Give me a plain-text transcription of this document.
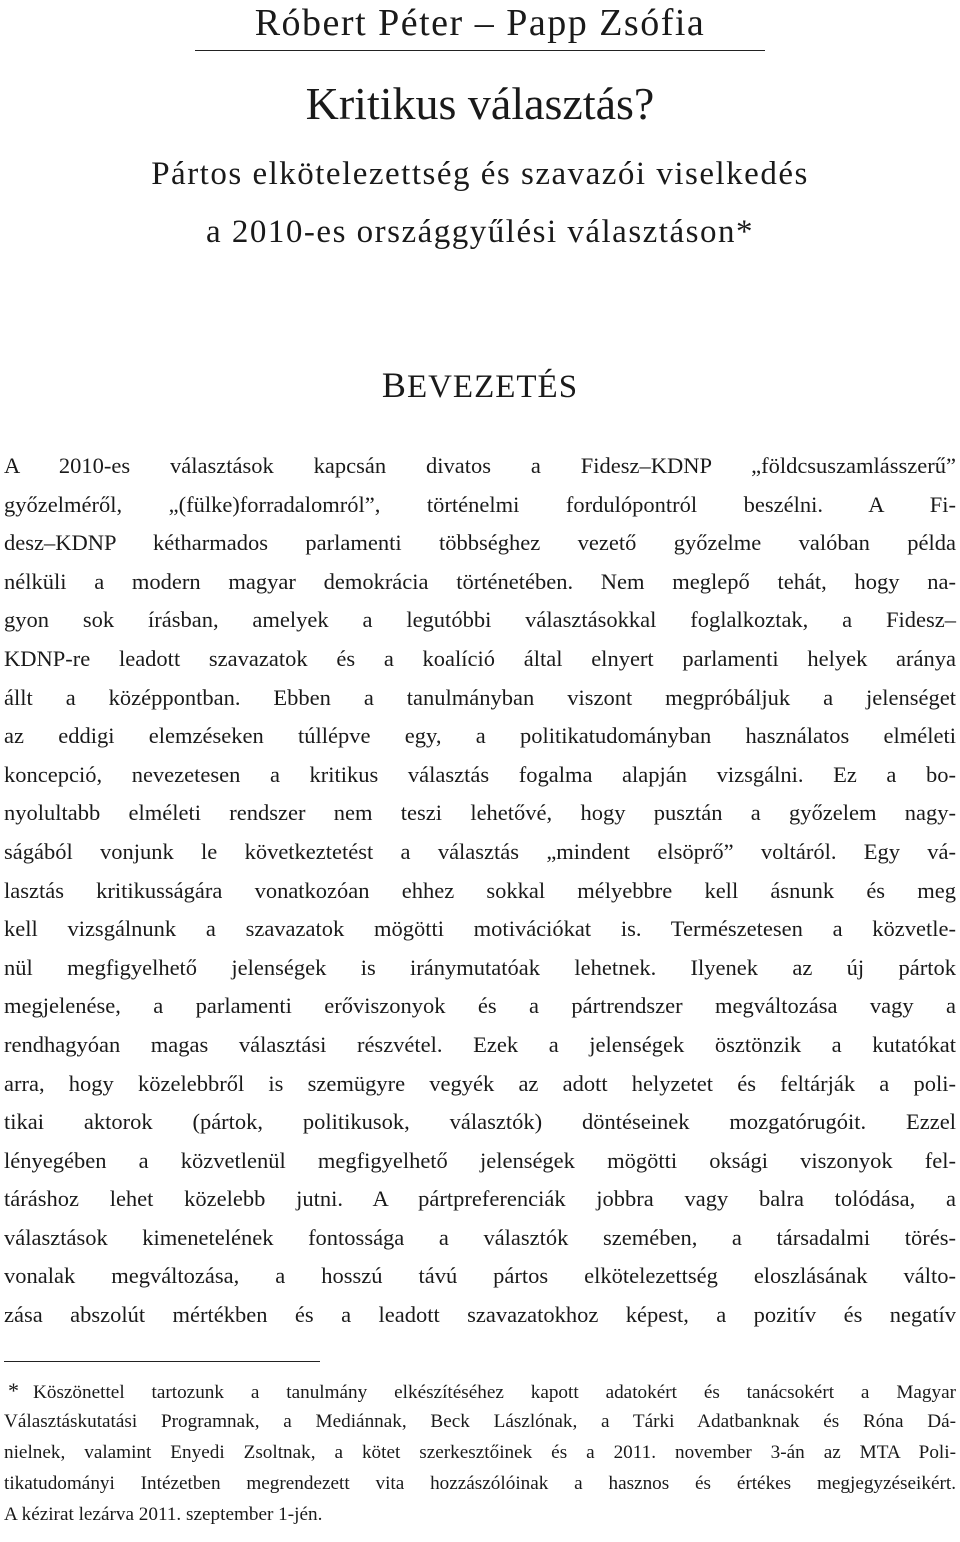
Róbert Péter – Papp Zsófia
Kritikus választás?
Pártos elkötelezettség és szavazói viselkedés
a 2010-es országgyűlési választáson*
BEVEZETÉS
A 2010-es választások kapcsán divatos a Fidesz–KDNP „földcsuszamlásszerű”
győzelméről, „(fülke)forradalomról”, történelmi fordulópontról beszélni. A Fi-
desz–KDNP kétharmados parlamenti többséghez vezető győzelme valóban példa
nélküli a modern magyar demokrácia történetében. Nem meglepő tehát, hogy na-
gyon sok írásban, amelyek a legutóbbi választásokkal foglalkoztak, a Fidesz–
KDNP-re leadott szavazatok és a koalíció által elnyert parlamenti helyek aránya
állt a középpontban. Ebben a tanulmányban viszont megpróbáljuk a jelenséget
az eddigi elemzéseken túllépve egy, a politikatudományban használatos elméleti
koncepció, nevezetesen a kritikus választás fogalma alapján vizsgálni. Ez a bo-
nyolultabb elméleti rendszer nem teszi lehetővé, hogy pusztán a győzelem nagy-
ságából vonjunk le következtetést a választás „mindent elsöprő” voltáról. Egy vá-
lasztás kritikusságára vonatkozóan ehhez sokkal mélyebbre kell ásnunk és meg
kell vizsgálnunk a szavazatok mögötti motivációkat is. Természetesen a közvetle-
nül megfigyelhető jelenségek is iránymutatóak lehetnek. Ilyenek az új pártok
megjelenése, a parlamenti erőviszonyok és a pártrendszer megváltozása vagy a
rendhagyóan magas választási részvétel. Ezek a jelenségek ösztönzik a kutatókat
arra, hogy közelebbről is szemügyre vegyék az adott helyzetet és feltárják a poli-
tikai aktorok (pártok, politikusok, választók) döntéseinek mozgatórugóit. Ezzel
lényegében a közvetlenül megfigyelhető jelenségek mögötti oksági viszonyok fel-
táráshoz lehet közelebb jutni. A pártpreferenciák jobbra vagy balra tolódása, a
választások kimenetelének fontossága a választók szemében, a társadalmi törés-
vonalak megváltozása, a hosszú távú pártos elkötelezettség eloszlásának válto-
zása abszolút mértékben és a leadott szavazatokhoz képest, a pozitív és negatív
* Köszönettel tartozunk a tanulmány elkészítéséhez kapott adatokért és tanácsokért a Magyar
Választáskutatási Programnak, a Mediánnak, Beck Lászlónak, a Tárki Adatbanknak és Róna Dá-
nielnek, valamint Enyedi Zsoltnak, a kötet szerkesztőinek és a 2011. november 3-án az MTA Poli-
tikatudományi Intézetben megrendezett vita hozzászólóinak a hasznos és értékes megjegyzéseikért.
A kézirat lezárva 2011. szeptember 1-jén.
